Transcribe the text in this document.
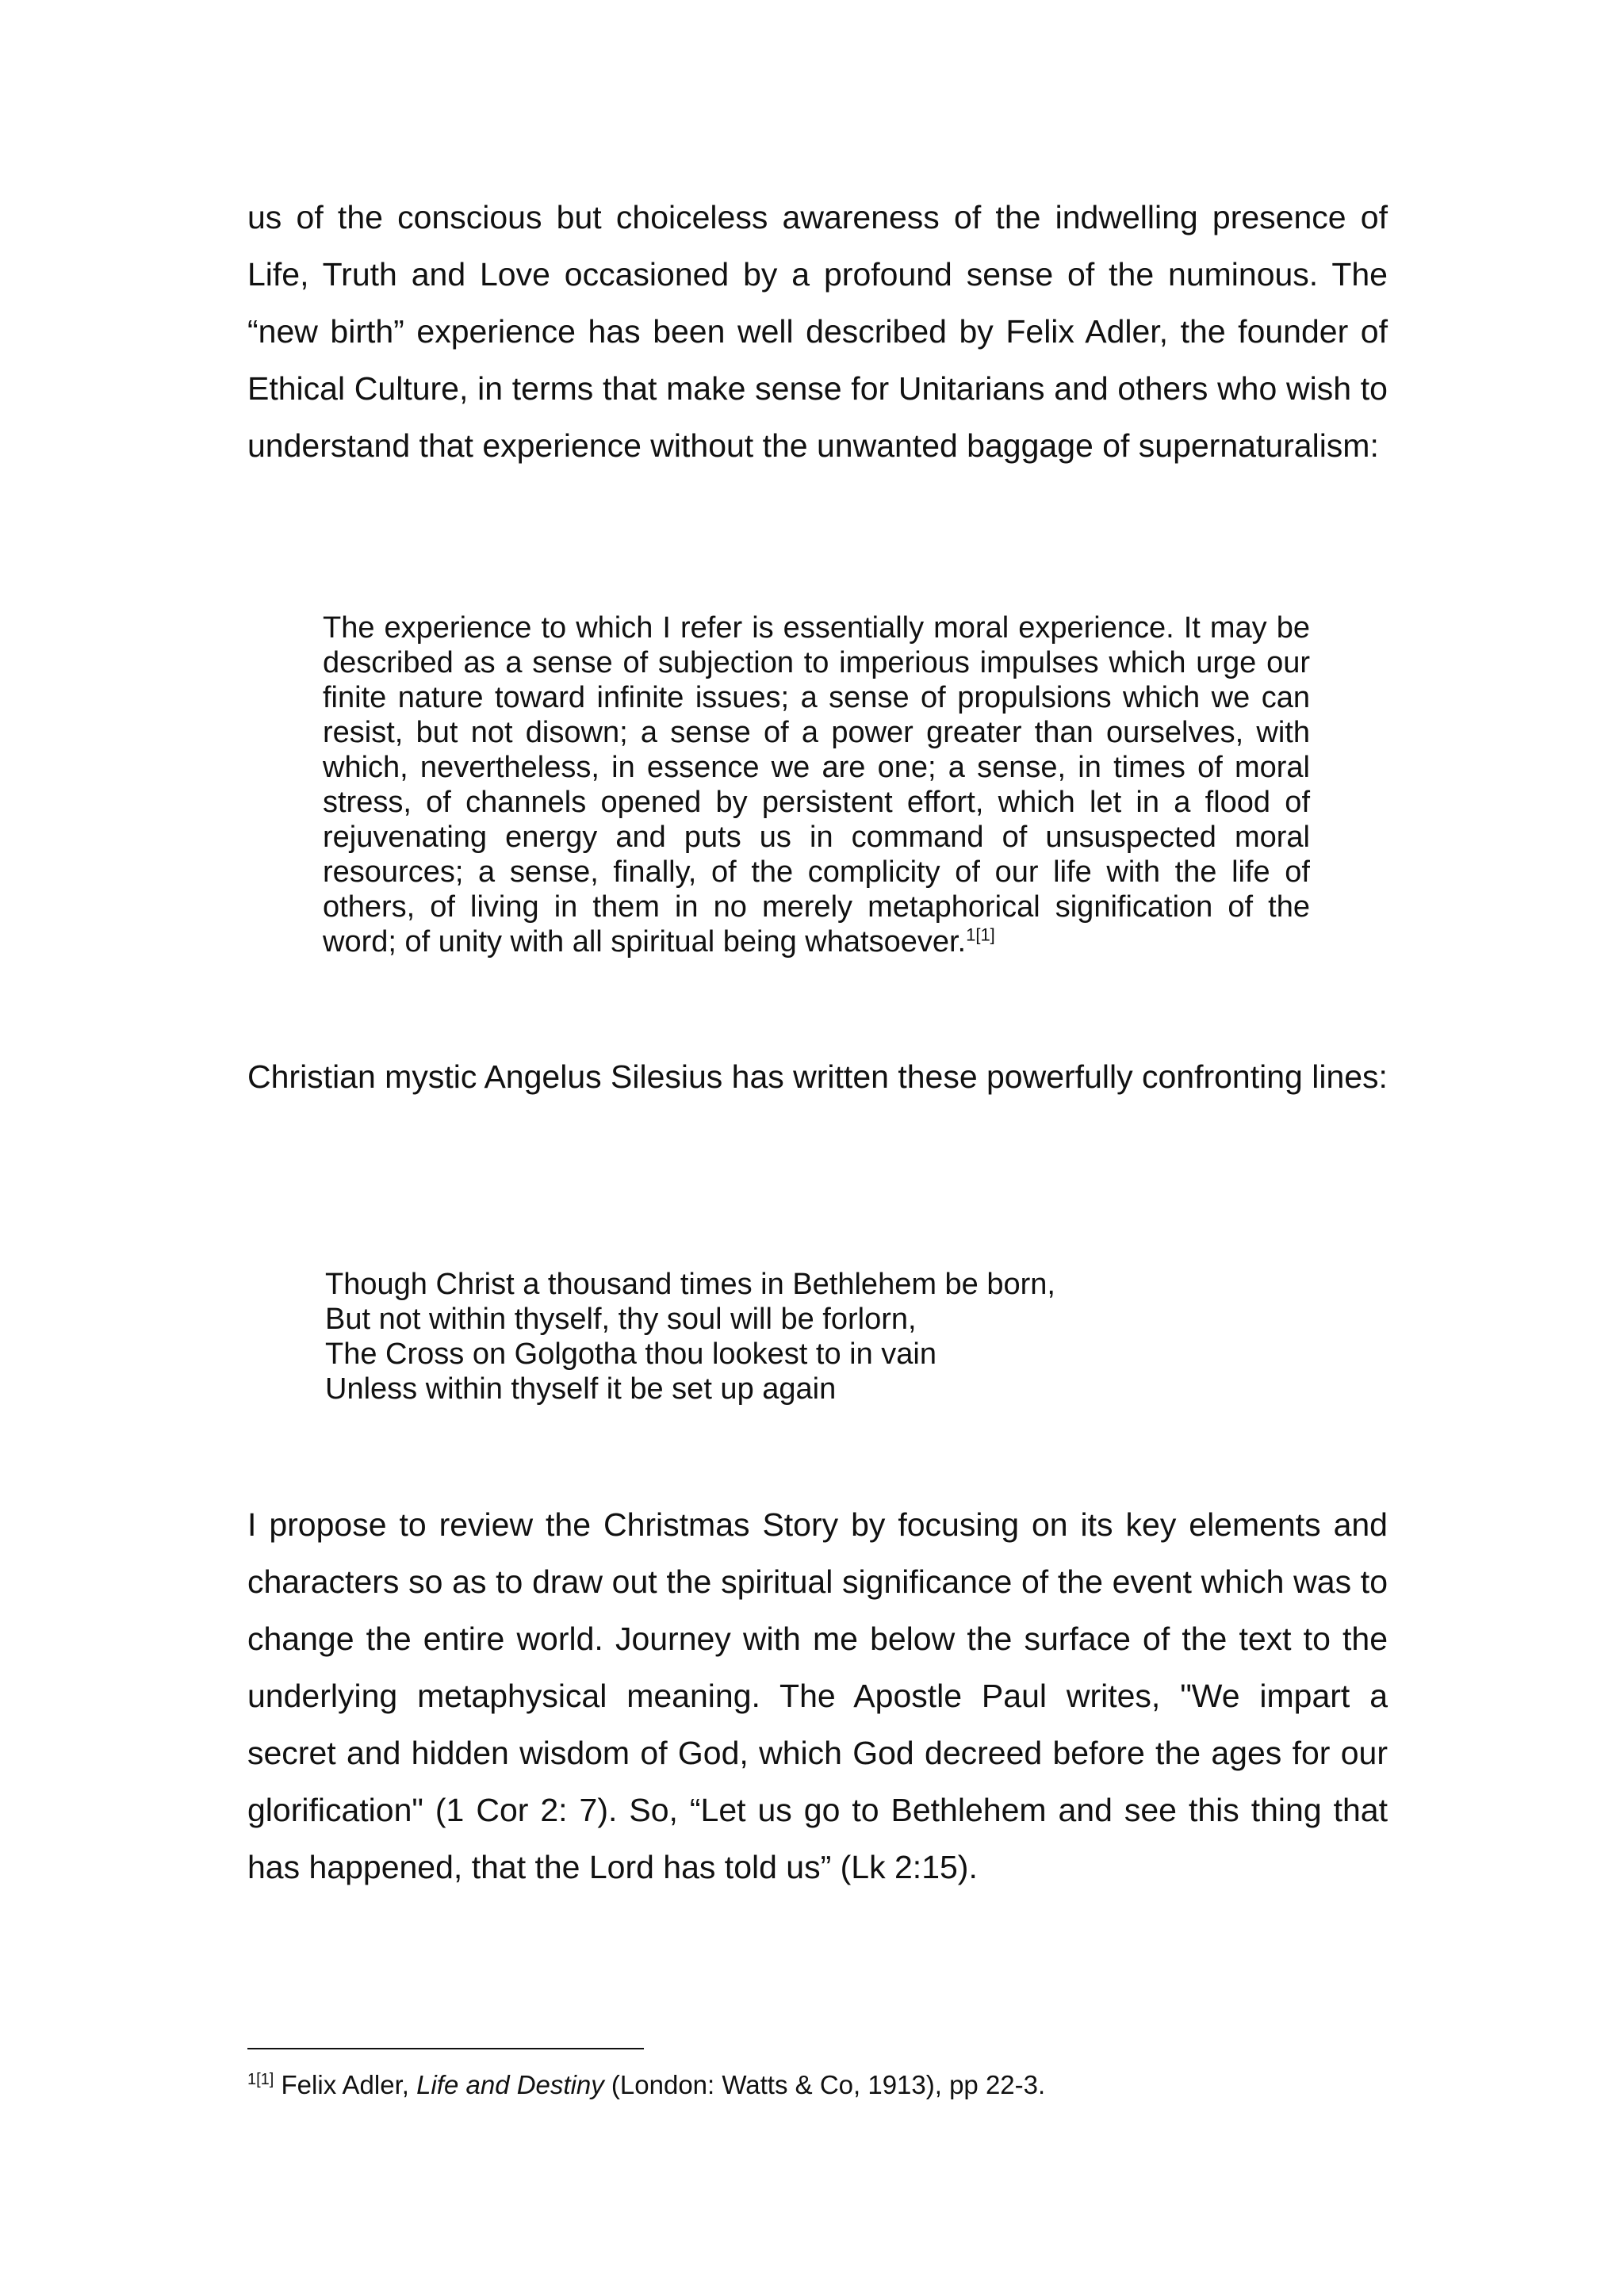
us of the conscious but choiceless awareness of the indwelling presence of Life, Truth and Love occasioned by a profound sense of the numinous. The “new birth” experience has been well described by Felix Adler, the founder of Ethical Culture, in terms that make sense for Unitarians and others who wish to understand that experience without the unwanted baggage of supernaturalism:

The experience to which I refer is essentially moral experience. It may be described as a sense of subjection to imperious impulses which urge our finite nature toward infinite issues; a sense of propulsions which we can resist, but not disown; a sense of a power greater than ourselves, with which, nevertheless, in essence we are one; a sense, in times of moral stress, of channels opened by persistent effort, which let in a flood of rejuvenating energy and puts us in command of unsuspected moral resources; a sense, finally, of the complicity of our life with the life of others, of living in them in no merely metaphorical signification of the word; of unity with all spiritual being whatsoever.$^{1[1]}$

Christian mystic Angelus Silesius has written these powerfully confronting lines:

Though Christ a thousand times in Bethlehem be born,
But not within thyself, thy soul will be forlorn,
The Cross on Golgotha thou lookest to in vain
Unless within thyself it be set up again

I propose to review the Christmas Story by focusing on its key elements and characters so as to draw out the spiritual significance of the event which was to change the entire world. Journey with me below the surface of the text to the underlying metaphysical meaning. The Apostle Paul writes, "We impart a secret and hidden wisdom of God, which God decreed before the ages for our glorification" (1 Cor 2: 7). So, “Let us go to Bethlehem and see this thing that has happened, that the Lord has told us” (Lk 2:15).

$^{1[1]}$ Felix Adler, Life and Destiny (London: Watts & Co, 1913), pp 22-3.
